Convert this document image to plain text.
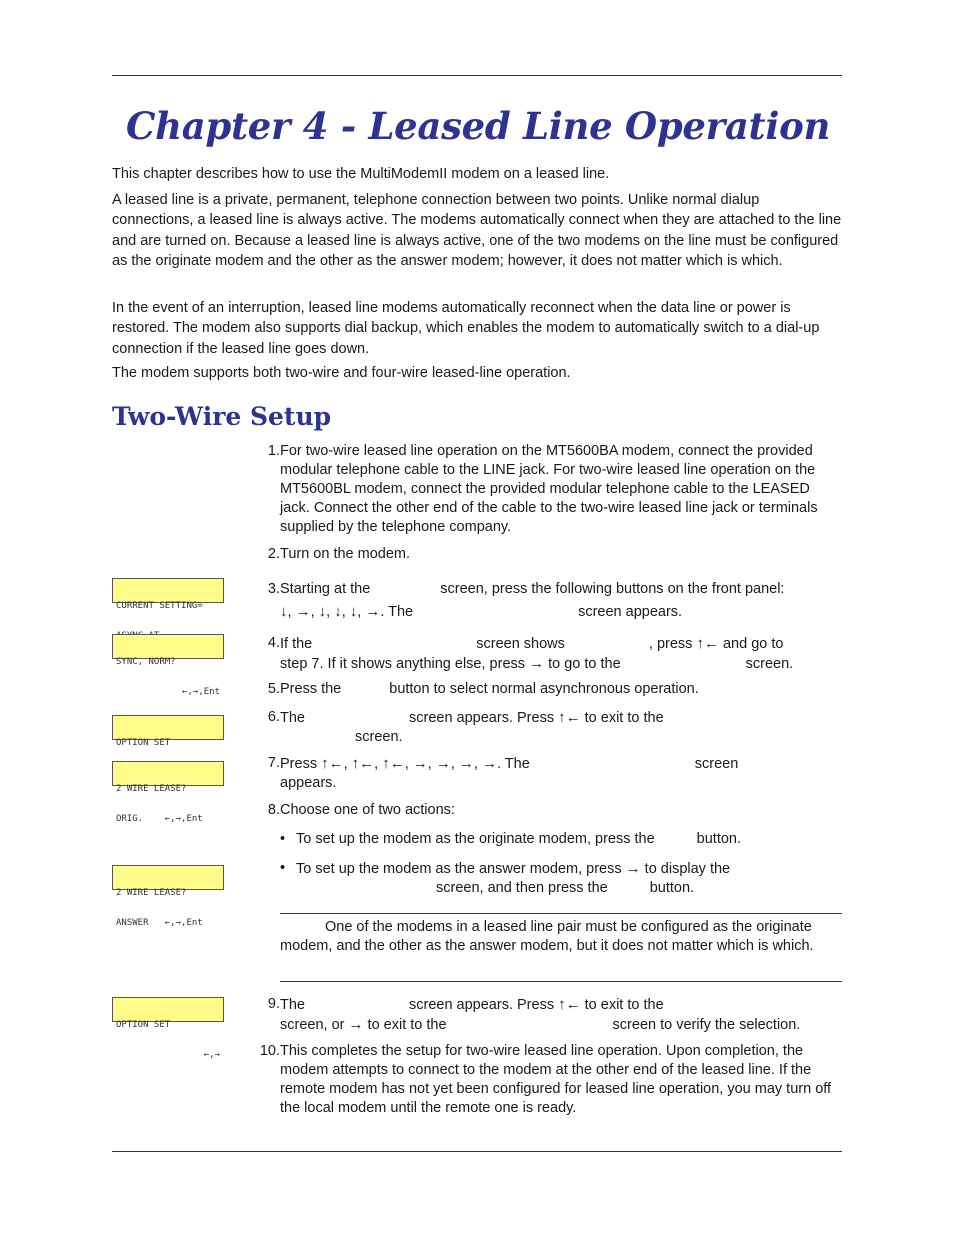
Chapter 4 - Leased Line Operation

This chapter describes how to use the MultiModemII modem on a leased line.

A leased line is a private, permanent, telephone connection between two points. Unlike normal dialup connections, a leased line is always active. The modems automatically connect when they are attached to the line and are turned on. Because a leased line is always active, one of the two modems on the line must be configured as the originate modem and the other as the answer modem; however, it does not matter which is which.

In the event of an interruption, leased line modems automatically reconnect when the data line or power is restored. The modem also supports dial backup, which enables the modem to automatically switch to a dial-up connection if the leased line goes down.

The modem supports both two-wire and four-wire leased-line operation.

Two-Wire Setup

CURRENT SETTING=

SYNC, NORM?

←,→,Ent

OPTION SET

2 WIRE LEASE?

ORIG.    ←,→,Ent

2 WIRE LEASE?

ANSWER   ←,→,Ent

OPTION SET

←,→

1. For two-wire leased line operation on the MT5600BA modem, connect the provided modular telephone cable to the LINE jack. For two-wire leased line operation on the MT5600BL modem, connect the provided modular telephone cable to the LEASED jack. Connect the other end of the cable to the two-wire leased line jack or terminals supplied by the telephone company.
2. Turn on the modem.
3. Starting at the	screen, press the following buttons on the front panel:
↓, →, ↓, ↓, ↓, →. The	screen appears.
4. If the	screen shows	, press ↑← and go to
step 7. If it shows anything else, press → to go to the	screen.
5. Press the	button to select normal asynchronous operation.
6. The	screen appears. Press ↑← to exit to the
screen.
7. Press ↑←, ↑←, ↑←, →, →, →, →. The	screen
appears.
8. Choose one of two actions:
• To set up the modem as the originate modem, press the	button.
• To set up the modem as the answer modem, press → to display the
screen, and then press the	button.
One of the modems in a leased line pair must be configured as the originate modem, and the other as the answer modem, but it does not matter which is which.
9. The	screen appears. Press ↑← to exit to the
screen, or → to exit to the	screen to verify the selection.
10. This completes the setup for two-wire leased line operation. Upon completion, the modem attempts to connect to the modem at the other end of the leased line. If the remote modem has not yet been configured for leased line operation, you may turn off the local modem until the remote one is ready.
